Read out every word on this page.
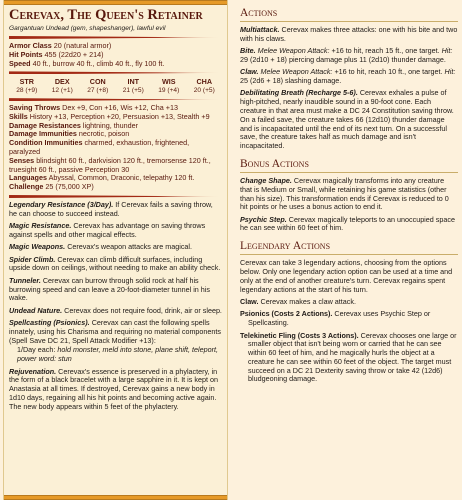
Cerevax, The Queen's Retainer
Gargantuan Undead (gem, shapeshanger), lawful evil

Armor Class 20 (natural armor)

Hit Points 455 (22d20 + 214)

Speed 40 ft., burrow 40 ft., climb 40 ft., fly 100 ft.

STR
28 (+9)
DEX
12 (+1)
CON
27 (+8)
INT
21 (+5)
WIS
19 (+4)
CHA
20 (+5)

Saving Throws Dex +9, Con +16, Wis +12, Cha +13

Skills History +13, Perception +20, Persuasion +13, Stealth +9

Damage Resistances lightning, thunder

Damage Immunities necrotic, poison

Condition Immunities charmed, exhaustion, frightened, paralyzed

Senses blindsight 60 ft., darkvision 120 ft., tremorsense 120 ft., truesight 60 ft., passive Perception 30

Languages Abyssal, Common, Draconic, telepathy 120 ft.

Challenge 25 (75,000 XP)

Legendary Resistance (3/Day). If Cerevax fails a saving throw, he can choose to succeed instead.

Magic Resistance. Cerevax has advantage on saving throws against spells and other magical effects.

Magic Weapons. Cerevax's weapon attacks are magical.

Spider Climb. Cerevax can climb difficult surfaces, including upside down on ceilings, without needing to make an ability check.

Tunneler. Cerevax can burrow through solid rock at half his burrowing speed and can leave a 20-foot-diameter tunnel in his wake.

Undead Nature. Cerevax does not require food, drink, air or sleep.

Spellcasting (Psionics). Cerevax can cast the following spells innately, using his Charisma and requiring no material components (Spell Save DC 21, Spell Attack Modifier +13):

1/Day each: hold monster, meld into stone, plane shift, teleport, power word: stun

Rejuvenation. Cerevax's essence is preserved in a phylactery, in the form of a black bracelet with a large sapphire in it. It is kept on Anastasia at all times. If destroyed, Cerevax gains a new body in 1d10 days, regaining all his hit points and becoming active again. The new body appears within 5 feet of the phylactery.

Actions

Multiattack. Cerevax makes three attacks: one with his bite and two with his claws.

Bite. Melee Weapon Attack: +16 to hit, reach 15 ft., one target. Hit: 29 (2d10 + 18) piercing damage plus 11 (2d10) thunder damage.

Claw. Melee Weapon Attack: +16 to hit, reach 10 ft., one target. Hit: 25 (2d6 + 18) slashing damage.

Debilitating Breath (Recharge 5-6). Cerevax exhales a pulse of high-pitched, nearly inaudible sound in a 90-foot cone. Each creature in that area must make a DC 24 Constitution saving throw. On a failed save, the creature takes 66 (12d10) thunder damage and is incapacitated until the end of its next turn. On a successful save, the creature takes half as much damage and isn't incapacitated.

Bonus Actions

Change Shape. Cerevax magically transforms into any creature that is Medium or Small, while retaining his game statistics (other than his size). This transformation ends if Cerevax is reduced to 0 hit points or he uses a bonus action to end it.

Psychic Step. Cerevax magically teleports to an unoccupied space he can see within 60 feet of him.

Legendary Actions

Cerevax can take 3 legendary actions, choosing from the options below. Only one legendary action option can be used at a time and only at the end of another creature's turn. Cerevax regains spent legendary actions at the start of his turn.

Claw. Cerevax makes a claw attack.

Psionics (Costs 2 Actions). Cerevax uses Psychic Step or Spellcasting.

Telekinetic Fling (Costs 3 Actions). Cerevax chooses one large or smaller object that isn't being worn or carried that he can see within 60 feet of him, and he magically hurls the object at a creature he can see within 60 feet of the object. The target must succeed on a DC 21 Dexterity saving throw or take 42 (12d6) bludgeoning damage.
